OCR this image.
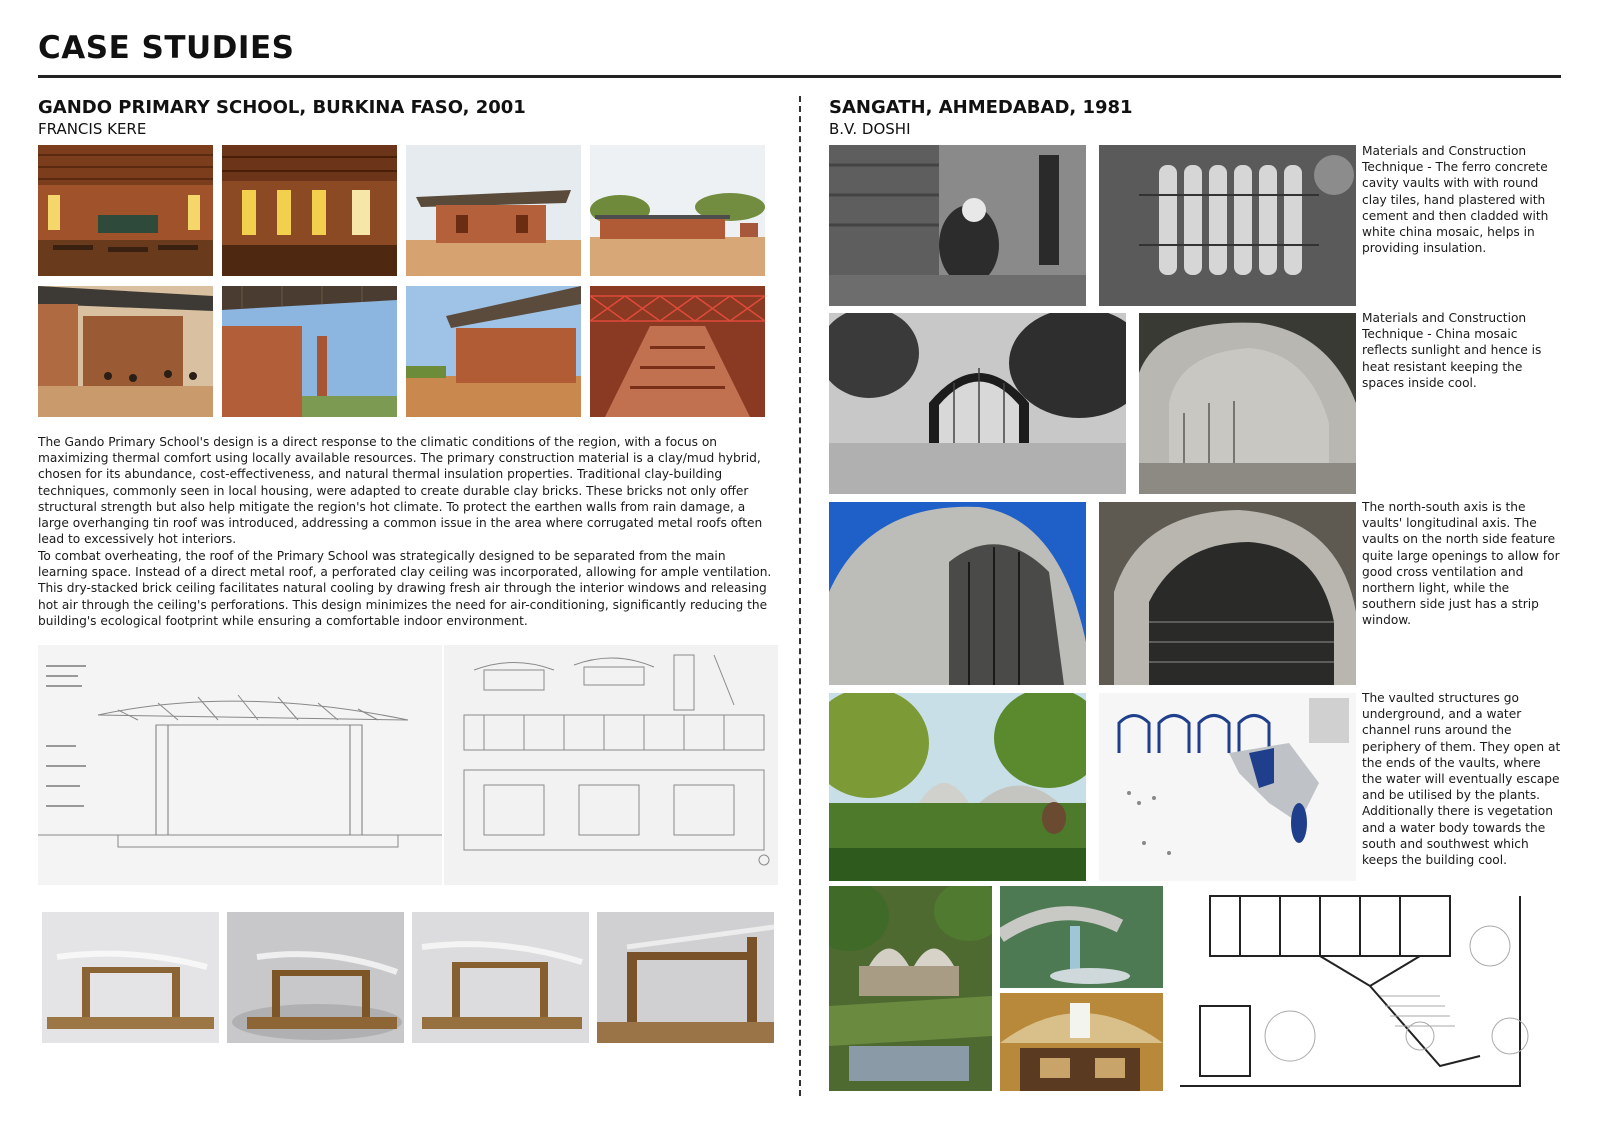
CASE STUDIES
GANDO PRIMARY SCHOOL, BURKINA FASO, 2001
FRANCIS KERE
The Gando Primary School's design is a direct response to the climatic conditions of the region, with a focus on maximizing thermal comfort using locally available resources. The primary construction material is a clay/mud hybrid, chosen for its abundance, cost-effectiveness, and natural thermal insulation properties. Traditional clay-building techniques, commonly seen in local housing, were adapted to create durable clay bricks. These bricks not only offer structural strength but also help mitigate the region's hot climate. To protect the earthen walls from rain damage, a large overhanging tin roof was introduced, addressing a common issue in the area where corrugated metal roofs often lead to excessively hot interiors.
To combat overheating, the roof of the Primary School was strategically designed to be separated from the main learning space. Instead of a direct metal roof, a perforated clay ceiling was incorporated, allowing for ample ventilation. This dry-stacked brick ceiling facilitates natural cooling by drawing fresh air through the interior windows and releasing hot air through the ceiling's perforations. This design minimizes the need for air-conditioning, significantly reducing the building's ecological footprint while ensuring a comfortable indoor environment.
SANGATH, AHMEDABAD, 1981
B.V. DOSHI
Materials and Construction Technique - The ferro concrete cavity vaults with with round clay tiles, hand plastered with cement and then cladded with white china mosaic, helps in providing insulation.
Materials and Construction Technique - China mosaic reflects sunlight and hence is heat resistant keeping the spaces inside cool.
The north-south axis is the vaults' longitudinal axis. The vaults on the north side feature quite large openings to allow for good cross ventilation and northern light, while the southern side just has a strip window.
The vaulted structures go underground, and a water channel runs around the periphery of them. They open at the ends of the vaults, where the water will eventually escape and be utilised by the plants. Additionally there is vegetation and a water body towards the south and southwest which keeps the building cool.
